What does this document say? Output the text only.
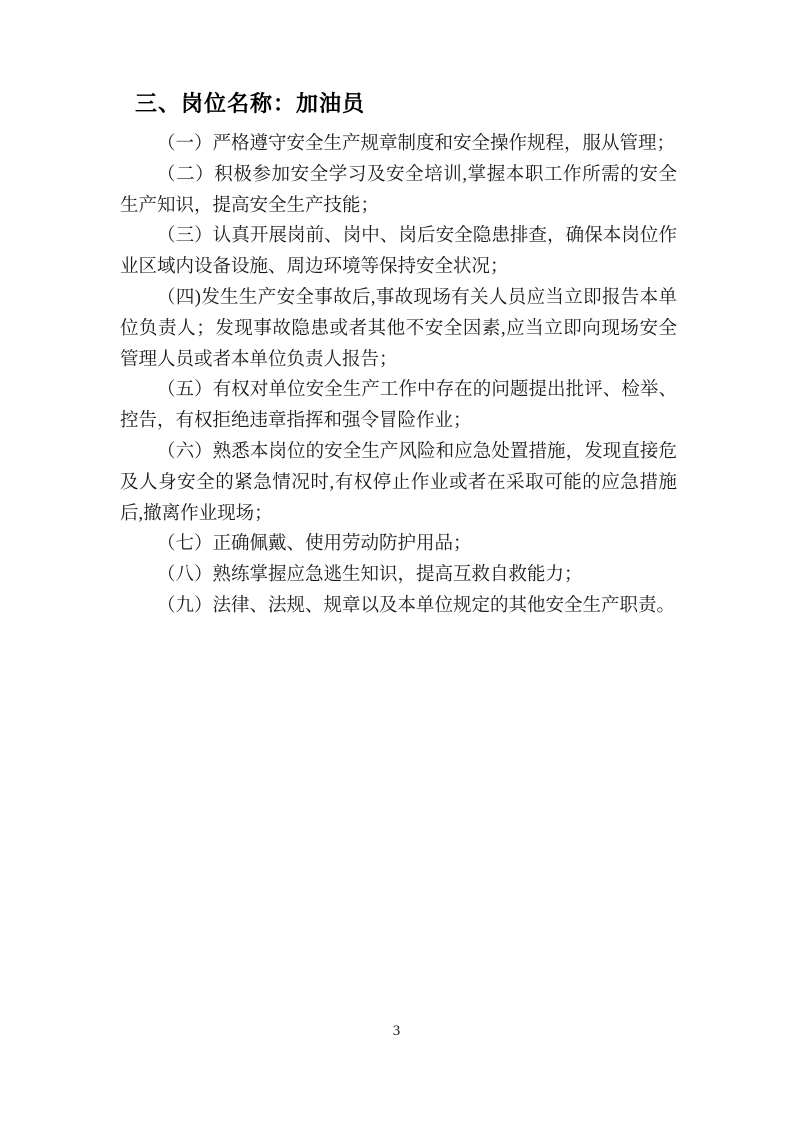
三、岗位名称：加油员

（一）严格遵守安全生产规章制度和安全操作规程，服从管理；

（二）积极参加安全学习及安全培训,掌握本职工作所需的安全生产知识，提高安全生产技能；

（三）认真开展岗前、岗中、岗后安全隐患排查，确保本岗位作业区域内设备设施、周边环境等保持安全状况；

（四)发生生产安全事故后,事故现场有关人员应当立即报告本单位负责人；发现事故隐患或者其他不安全因素,应当立即向现场安全管理人员或者本单位负责人报告；

（五）有权对单位安全生产工作中存在的问题提出批评、检举、控告，有权拒绝违章指挥和强令冒险作业；

（六）熟悉本岗位的安全生产风险和应急处置措施，发现直接危及人身安全的紧急情况时,有权停止作业或者在采取可能的应急措施后,撤离作业现场；

（七）正确佩戴、使用劳动防护用品；

（八）熟练掌握应急逃生知识，提高互救自救能力；

（九）法律、法规、规章以及本单位规定的其他安全生产职责。

3
